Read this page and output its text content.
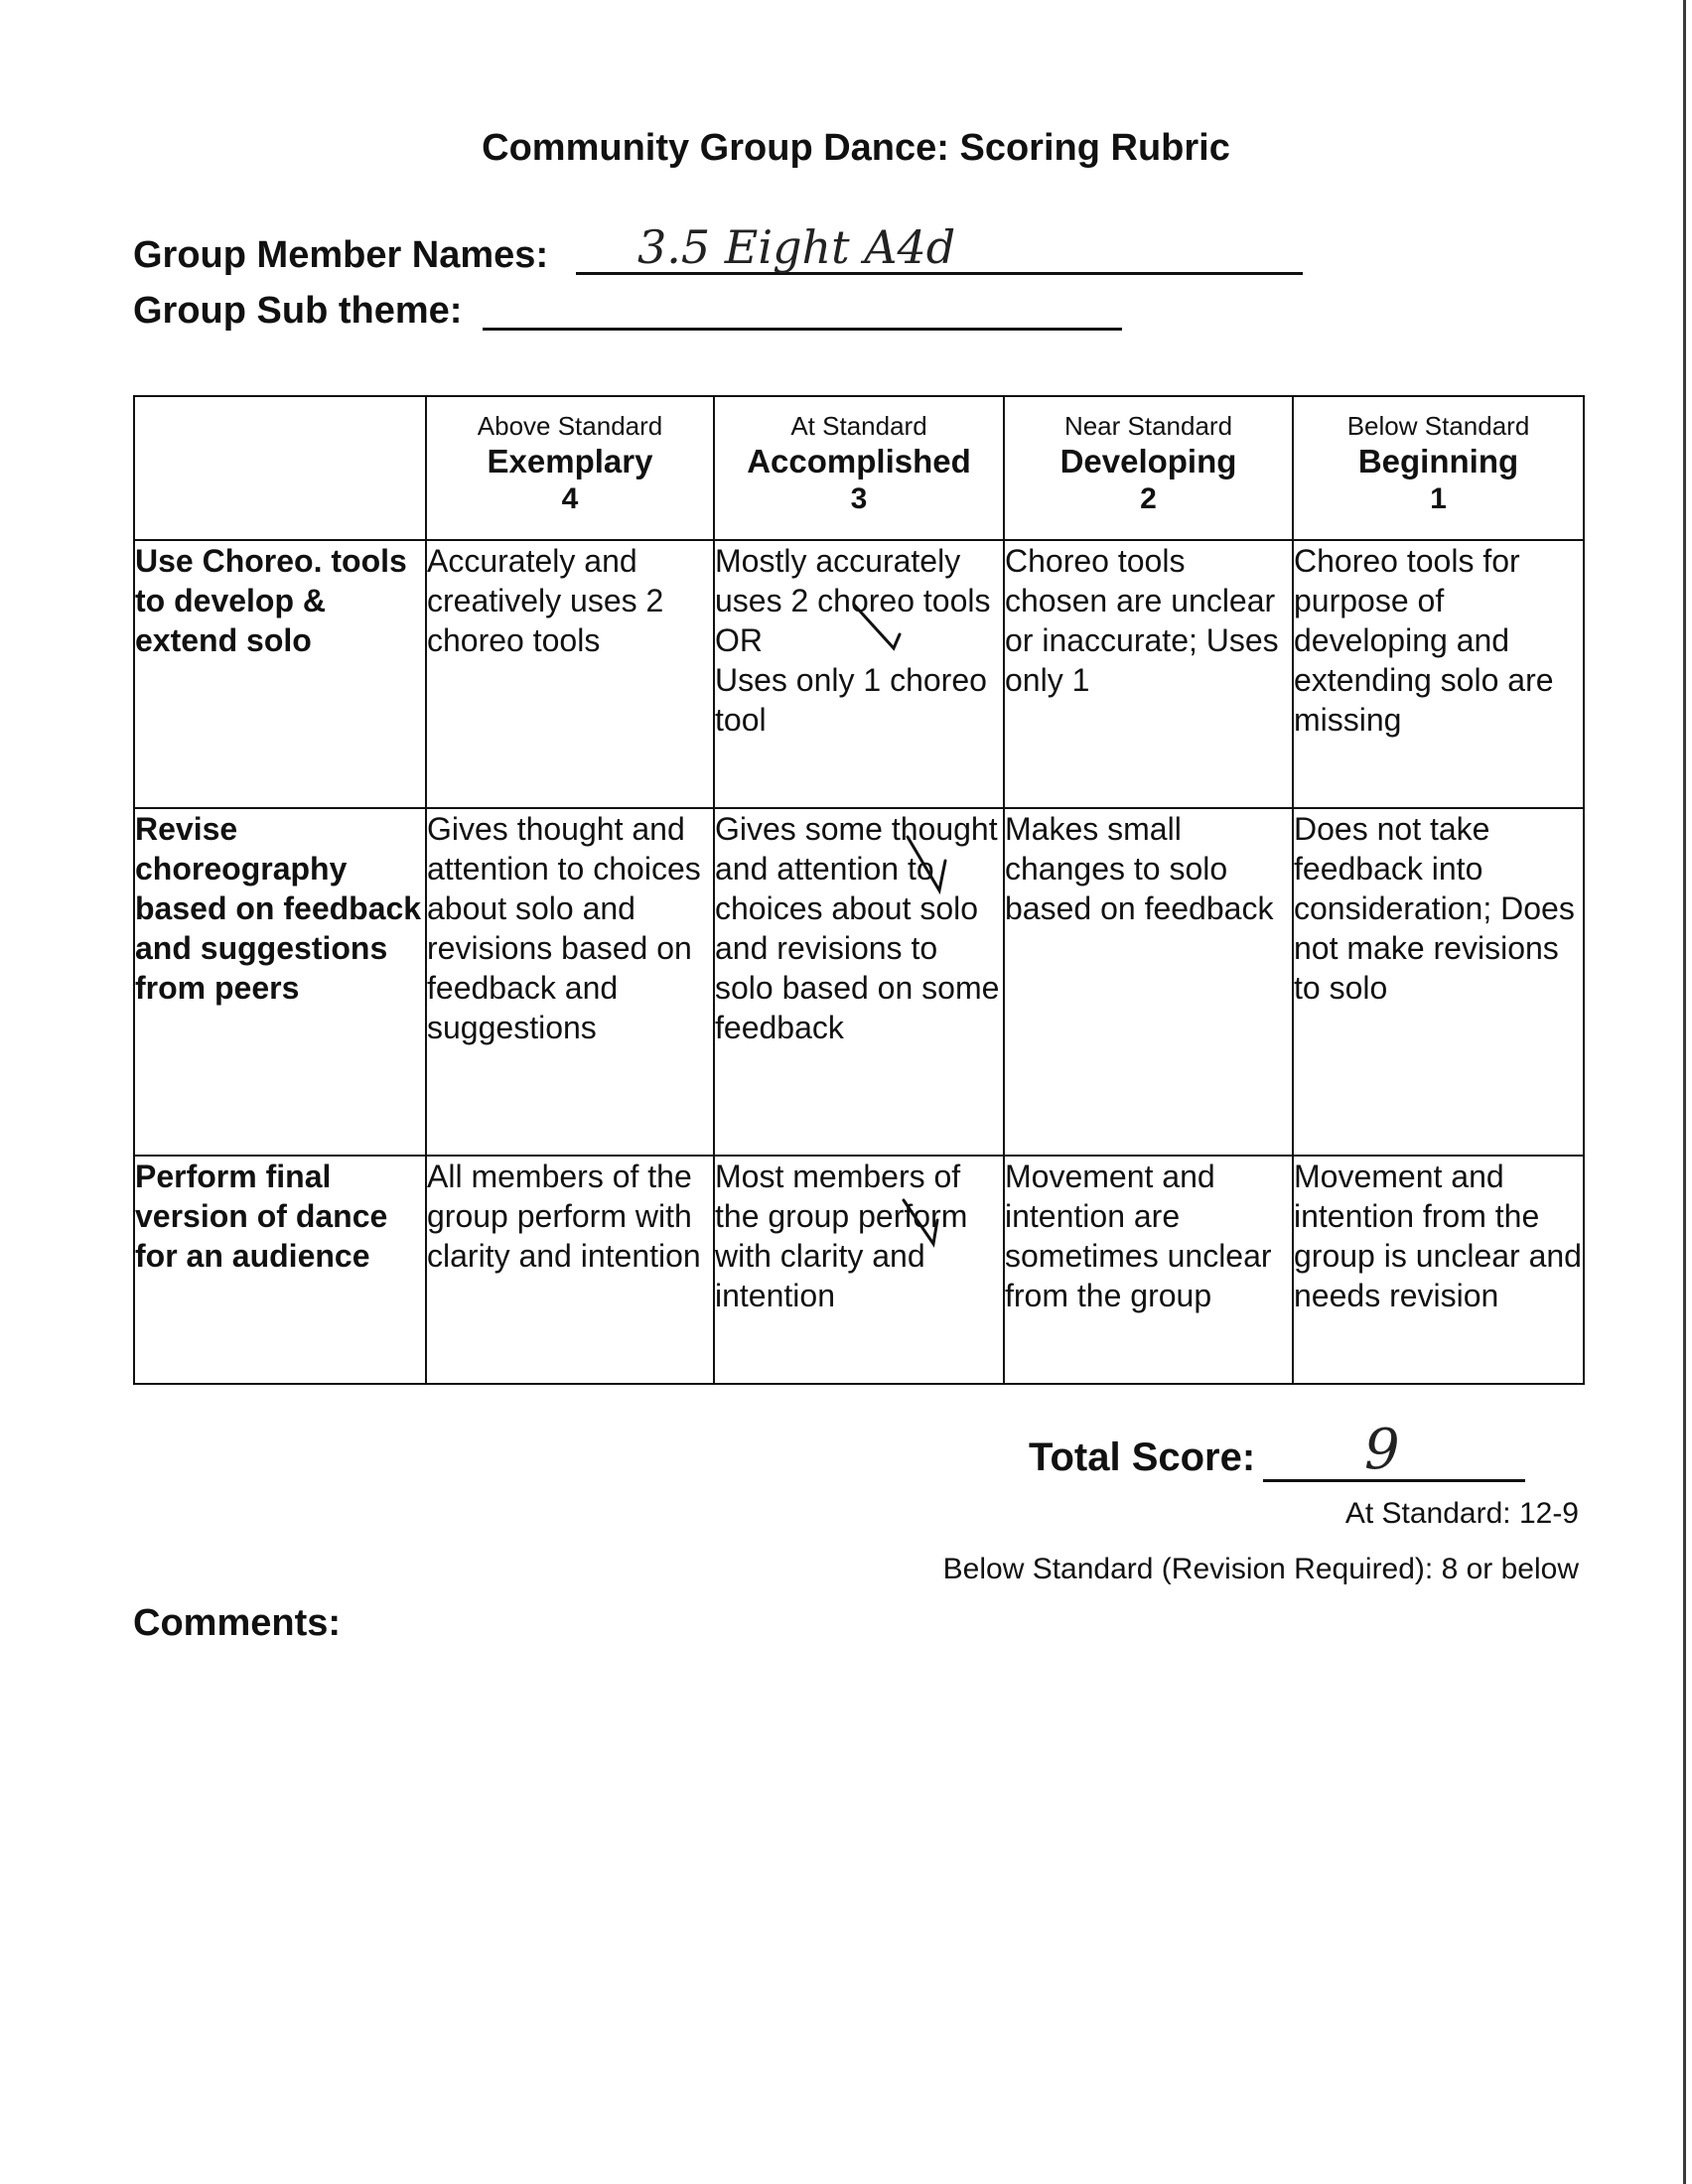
Community Group Dance: Scoring Rubric
Group Member Names: 3.5 Eight A4d
Group Sub theme:

	Above Standard
Exemplary
4	At Standard
Accomplished
3	Near Standard
Developing
2	Below Standard
Beginning
1

Use Choreo. tools to develop & extend solo	Accurately and creatively uses 2 choreo tools	Mostly accurately uses 2 choreo tools
OR
Uses only 1 choreo tool	Choreo tools chosen are unclear or inaccurate; Uses only 1	Choreo tools for purpose of developing and extending solo are missing
Revise choreography based on feedback and suggestions from peers	Gives thought and attention to choices about solo and revisions based on feedback and suggestions	Gives some thought and attention to choices about solo and revisions to solo based on some feedback	Makes small changes to solo based on feedback	Does not take feedback into consideration; Does not make revisions to solo
Perform final version of dance for an audience	All members of the group perform with clarity and intention	Most members of the group perform with clarity and intention	Movement and intention are sometimes unclear from the group	Movement and intention from the group is unclear and needs revision
Total Score: 9
At Standard: 12-9
Below Standard (Revision Required): 8 or below
Comments:
